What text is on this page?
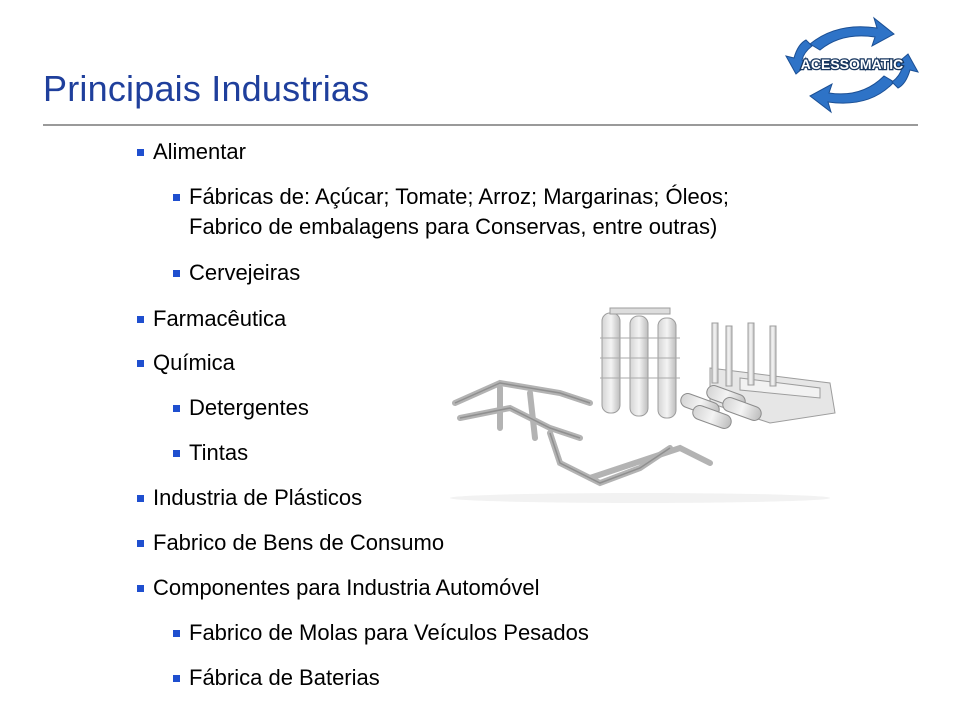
Principais Industrias
ACESSOMATIC
Alimentar
Fábricas de: Açúcar; Tomate; Arroz; Margarinas; Óleos;
Fabrico de embalagens para Conservas, entre outras)
Cervejeiras
Farmacêutica
Química
Detergentes
Tintas
Industria de Plásticos
Fabrico de Bens de Consumo
Componentes para Industria Automóvel
Fabrico de Molas para Veículos Pesados
Fábrica de Baterias
